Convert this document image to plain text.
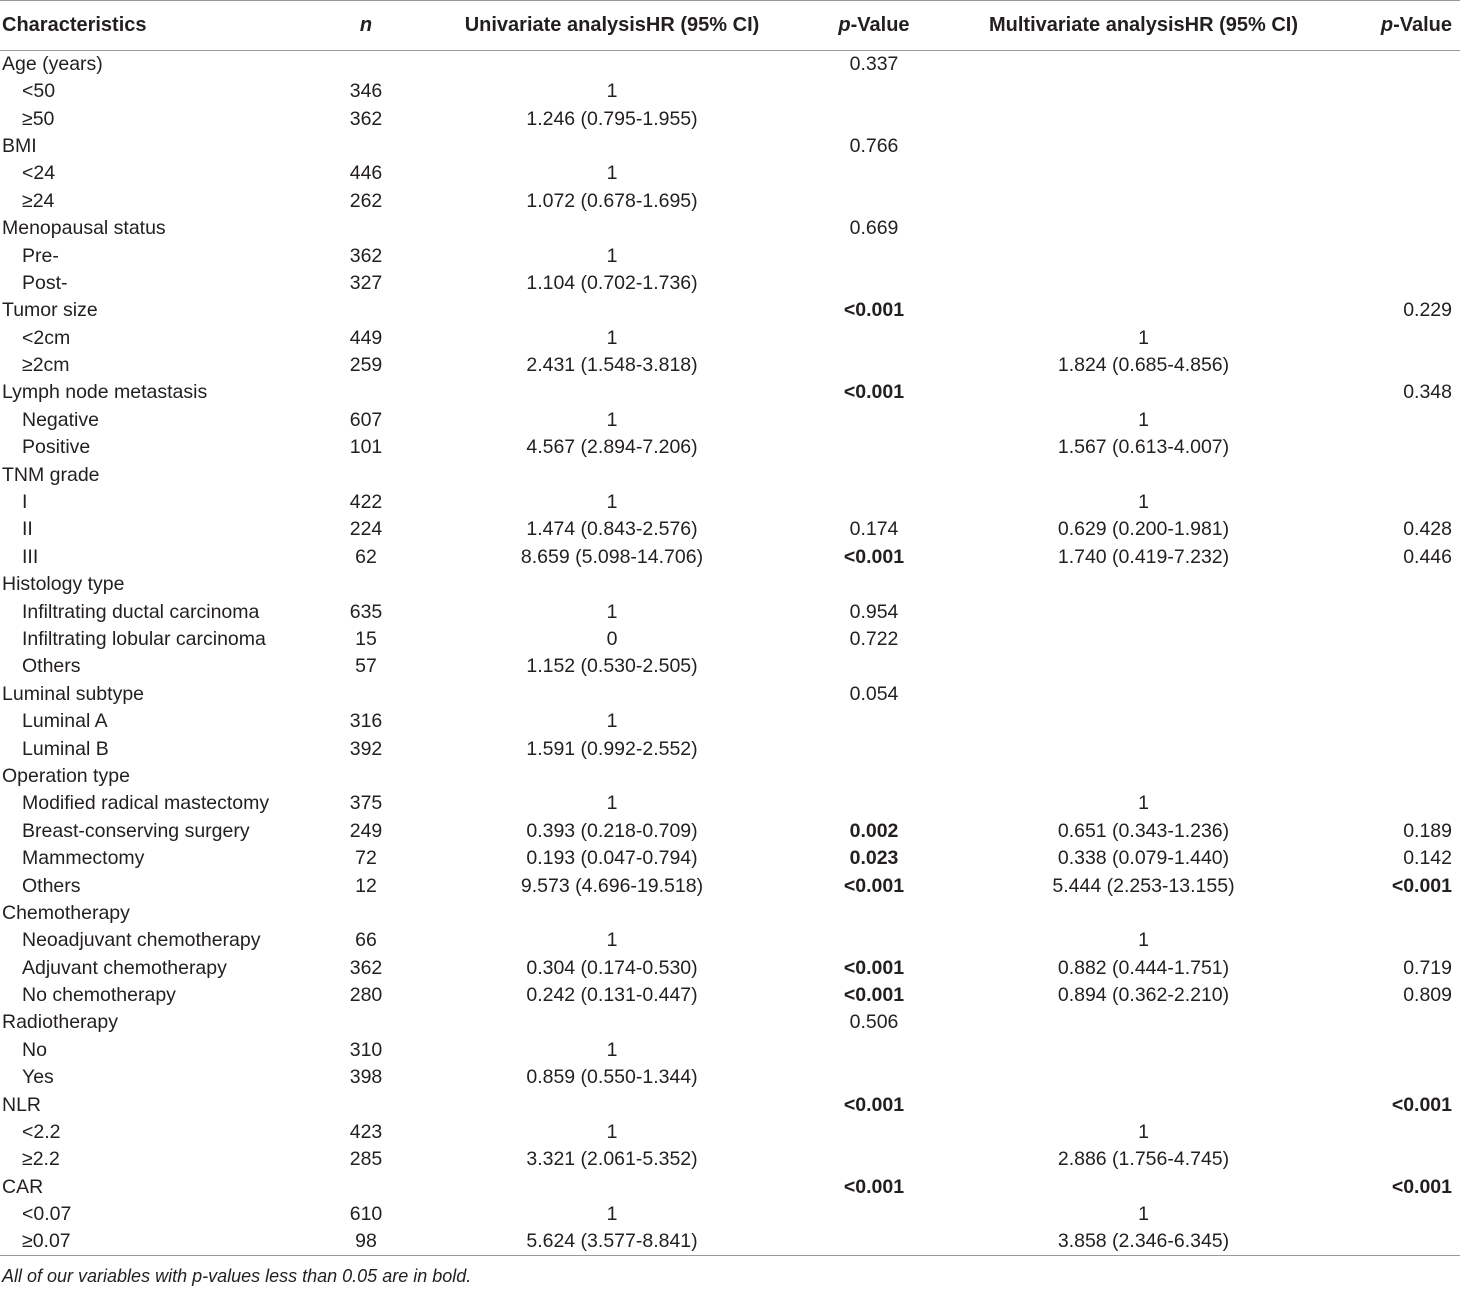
Characteristics	n	Univariate analysisHR (95% CI)	p-Value	Multivariate analysisHR (95% CI)	p-Value
Age (years)			0.337		
<50	346	1			
≥50	362	1.246 (0.795-1.955)			
BMI			0.766		
<24	446	1			
≥24	262	1.072 (0.678-1.695)			
Menopausal status			0.669		
Pre-	362	1			
Post-	327	1.104 (0.702-1.736)			
Tumor size			<0.001		0.229
<2cm	449	1		1	
≥2cm	259	2.431 (1.548-3.818)		1.824 (0.685-4.856)	
Lymph node metastasis			<0.001		0.348
Negative	607	1		1	
Positive	101	4.567 (2.894-7.206)		1.567 (0.613-4.007)	
TNM grade					
I	422	1		1	
II	224	1.474 (0.843-2.576)	0.174	0.629 (0.200-1.981)	0.428
III	62	8.659 (5.098-14.706)	<0.001	1.740 (0.419-7.232)	0.446
Histology type					
Infiltrating ductal carcinoma	635	1	0.954		
Infiltrating lobular carcinoma	15	0	0.722		
Others	57	1.152 (0.530-2.505)			
Luminal subtype			0.054		
Luminal A	316	1			
Luminal B	392	1.591 (0.992-2.552)			
Operation type					
Modified radical mastectomy	375	1		1	
Breast-conserving surgery	249	0.393 (0.218-0.709)	0.002	0.651 (0.343-1.236)	0.189
Mammectomy	72	0.193 (0.047-0.794)	0.023	0.338 (0.079-1.440)	0.142
Others	12	9.573 (4.696-19.518)	<0.001	5.444 (2.253-13.155)	<0.001
Chemotherapy					
Neoadjuvant chemotherapy	66	1		1	
Adjuvant chemotherapy	362	0.304 (0.174-0.530)	<0.001	0.882 (0.444-1.751)	0.719
No chemotherapy	280	0.242 (0.131-0.447)	<0.001	0.894 (0.362-2.210)	0.809
Radiotherapy			0.506		
No	310	1			
Yes	398	0.859 (0.550-1.344)			
NLR			<0.001		<0.001
<2.2	423	1		1	
≥2.2	285	3.321 (2.061-5.352)		2.886 (1.756-4.745)	
CAR			<0.001		<0.001
<0.07	610	1		1	
≥0.07	98	5.624 (3.577-8.841)		3.858 (2.346-6.345)	
All of our variables with p-values less than 0.05 are in bold.
